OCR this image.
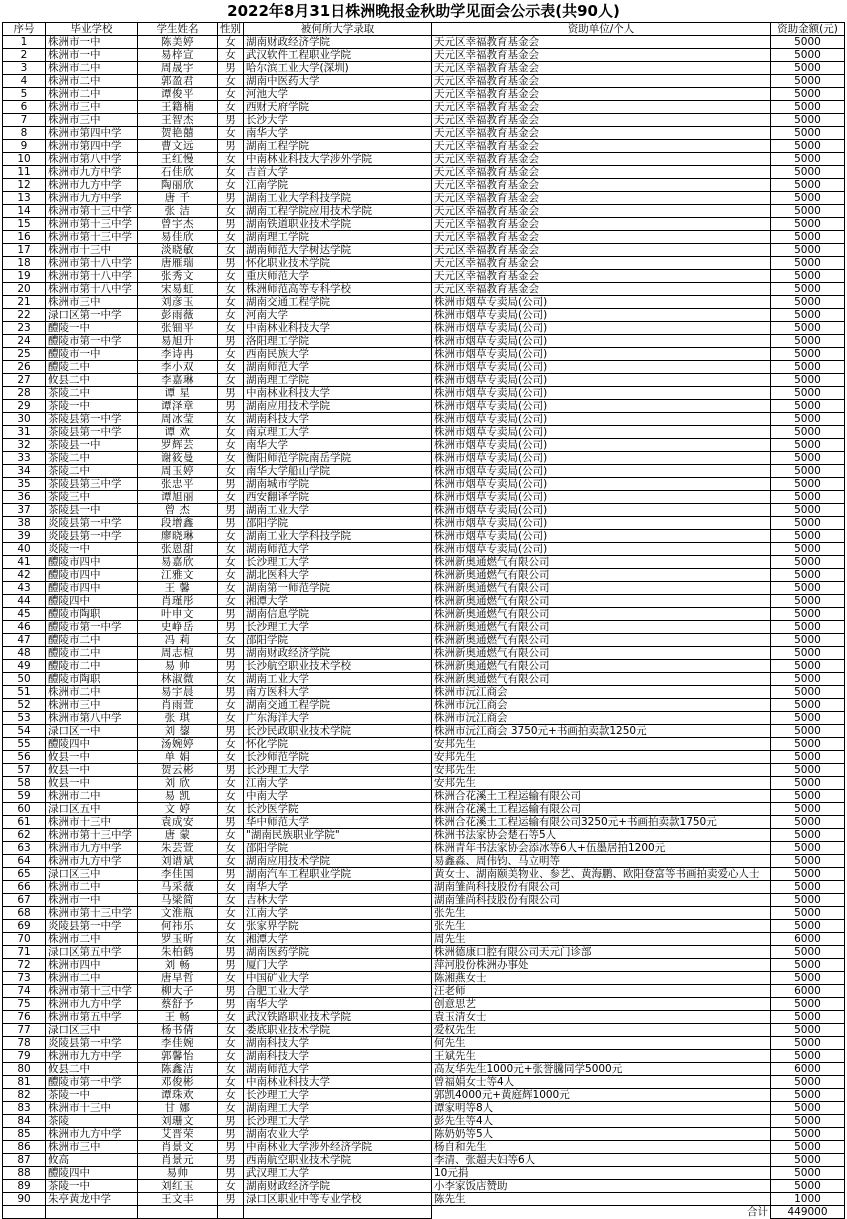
2022年8月31日株洲晚报金秋助学见面会公示表(共90人)
序号	毕业学校	学生姓名	性别	被何所大学录取	资助单位/个人	资助金额(元)
1	株洲市一中	陈美婷	女	湖南财政经济学院	天元区幸福教育基金会	5000
2	株洲市一中	易梓宣	女	武汉软件工程职业学院	天元区幸福教育基金会	5000
3	株洲市二中	周晟宇	男	哈尔滨工业大学(深圳)	天元区幸福教育基金会	5000
4	株洲市二中	郭盈君	女	湖南中医药大学	天元区幸福教育基金会	5000
5	株洲市二中	谭俊平	女	河池大学	天元区幸福教育基金会	5000
6	株洲市三中	王籍楠	女	西财天府学院	天元区幸福教育基金会	5000
7	株洲市三中	王智杰	男	长沙大学	天元区幸福教育基金会	5000
8	株洲市第四中学	贺艳囍	女	南华大学	天元区幸福教育基金会	5000
9	株洲市第四中学	曹文远	男	湖南工程学院	天元区幸福教育基金会	5000
10	株洲市第八中学	王红慢	女	中南林业科技大学涉外学院	天元区幸福教育基金会	5000
11	株洲市九方中学	石佳欣	女	吉首大学	天元区幸福教育基金会	5000
12	株洲市九方中学	陶丽欣	女	江南学院	天元区幸福教育基金会	5000
13	株洲市九方中学	唐 千	男	湖南工业大学科技学院	天元区幸福教育基金会	5000
14	株洲市第十三中学	张 洁	女	湖南工程学院应用技术学院	天元区幸福教育基金会	5000
15	株洲市第十三中学	曾宇杰	男	湖南铁道职业技术学院	天元区幸福教育基金会	5000
16	株洲市第十三中学	易佳欣	女	湖南理工学院	天元区幸福教育基金会	5000
17	株洲市十三中	淡晓敏	女	湖南师范大学树达学院	天元区幸福教育基金会	5000
18	株洲市第十八中学	唐雁瑞	男	怀化职业技术学院	天元区幸福教育基金会	5000
19	株洲市第十八中学	张秀文	女	重庆师范大学	天元区幸福教育基金会	5000
20	株洲市第十八中学	宋易虹	女	株洲师范高等专科学校	天元区幸福教育基金会	5000
21	株洲市三中	刘彦玉	女	湖南交通工程学院	株洲市烟草专卖局(公司)	5000
22	渌口区第一中学	彭雨薇	女	河南大学	株洲市烟草专卖局(公司)	5000
23	醴陵一中	张钿平	女	中南林业科技大学	株洲市烟草专卖局(公司)	5000
24	醴陵市第一中学	易旭升	男	洛阳理工学院	株洲市烟草专卖局(公司)	5000
25	醴陵市一中	李诗冉	女	西南民族大学	株洲市烟草专卖局(公司)	5000
26	醴陵二中	李小双	女	湖南师范大学	株洲市烟草专卖局(公司)	5000
27	攸县二中	李嘉琳	女	湖南理工学院	株洲市烟草专卖局(公司)	5000
28	茶陵二中	谭 星	男	中南林业科技大学	株洲市烟草专卖局(公司)	5000
29	茶陵一中	谭泽章	男	湖南应用技术学院	株洲市烟草专卖局(公司)	5000
30	茶陵县第一中学	周冰莹	女	湖南科技大学	株洲市烟草专卖局(公司)	5000
31	茶陵县第一中学	谭 欢	女	南京理工大学	株洲市烟草专卖局(公司)	5000
32	茶陵县一中	罗辉芸	女	南华大学	株洲市烟草专卖局(公司)	5000
33	茶陵二中	谢筱曼	女	衡阳师范学院南岳学院	株洲市烟草专卖局(公司)	5000
34	茶陵二中	周玉婷	女	南华大学船山学院	株洲市烟草专卖局(公司)	5000
35	茶陵县第三中学	张忠平	男	湖南城市学院	株洲市烟草专卖局(公司)	5000
36	茶陵三中	谭旭丽	女	西安翻译学院	株洲市烟草专卖局(公司)	5000
37	茶陵县一中	曾 杰	男	湖南工业大学	株洲市烟草专卖局(公司)	5000
38	炎陵县第一中学	段增鑫	男	邵阳学院	株洲市烟草专卖局(公司)	5000
39	炎陵县第一中学	廖晓琳	女	湖南工业大学科技学院	株洲市烟草专卖局(公司)	5000
40	炎陵一中	张恩甜	女	湖南师范大学	株洲市烟草专卖局(公司)	5000
41	醴陵市四中	易嘉欣	女	长沙理工大学	株洲新奥通燃气有限公司	5000
42	醴陵市四中	江雅文	女	湖北医科大学	株洲新奥通燃气有限公司	5000
43	醴陵市四中	王 馨	女	湖南第一师范学院	株洲新奥通燃气有限公司	5000
44	醴陵四中	肖瑾彤	女	湘潭大学	株洲新奥通燃气有限公司	5000
45	醴陵市陶职	叶申文	男	湖南信息学院	株洲新奥通燃气有限公司	5000
46	醴陵市第一中学	史峥岳	男	长沙理工大学	株洲新奥通燃气有限公司	5000
47	醴陵市二中	冯 莉	女	邵阳学院	株洲新奥通燃气有限公司	5000
48	醴陵市二中	周志楦	男	湖南财政经济学院	株洲新奥通燃气有限公司	5000
49	醴陵市二中	易 帅	男	长沙航空职业技术学校	株洲新奥通燃气有限公司	5000
50	醴陵市陶职	林淑微	女	湖南工业大学	株洲新奥通燃气有限公司	5000
51	株洲市二中	易宇晨	男	南方医科大学	株洲市沅江商会	5000
52	株洲市三中	肖雨萱	女	湖南交通工程学院	株洲市沅江商会	5000
53	株洲市第八中学	张 琪	女	广东海洋大学	株洲市沅江商会	5000
54	渌口区一中	刘 鋆	男	长沙民政职业技术学院	株洲市沅江商会 3750元+书画拍卖款1250元	5000
55	醴陵四中	汤婉婷	女	怀化学院	安邦先生	5000
56	攸县一中	单 娟	女	长沙师范学院	安邦先生	5000
57	攸县一中	贺云彬	男	长沙理工大学	安邦先生	5000
58	攸县一中	刘 欣	女	江南大学	安邦先生	5000
59	株洲市二中	易 凯	女	中南大学	株洲合花溪土工程运输有限公司	5000
60	渌口区五中	文 婷	女	长沙医学院	株洲合花溪土工程运输有限公司	5000
61	株洲市十三中	袁成安	男	华中师范大学	株洲合花溪土工程运输有限公司3250元+书画拍卖款1750元	5000
62	株洲市第十三中学	唐 蒙	女	"湖南民族职业学院"	株洲书法家协会楚石等5人	5000
63	株洲市九方中学	朱芸萱	女	邵阳学院	株洲青年书法家协会添冰等6人+伍墨居拍1200元	5000
64	株洲市九方中学	刘谱斌	女	湖南应用技术学院	易鑫淼、周伟钧、马立明等	5000
65	渌口区三中	李佳国	男	湖南汽车工程职业学院	黄女士、湖南颐美物业、参艺、黄海鹏、欧阳登富等书画拍卖爱心人士	5000
66	株洲市二中	马采薇	女	南华大学	湖南雏尚科技股份有限公司	5000
67	株洲市一中	马梁简	女	吉林大学	湖南雏尚科技股份有限公司	5000
68	株洲市第十三中学	文淮瓶	女	江南大学	张先生	5000
69	炎陵县第一中学	何祎乐	女	张家界学院	张先生	5000
70	株洲市二中	罗玉昕	女	湘潭大学	周先生	6000
71	渌口区第五中学	朱柏鹤	男	湖南医药学院	株洲德康口腔有限公司天元门诊部	5000
72	株洲市四中	刘 畅	男	厦门大学	萍河股份株洲办事处	5000
73	株洲市二中	唐早哲	女	中国矿业大学	陈湘燕女士	5000
74	株洲市第十三中学	柳大子	男	合肥工业大学	汪老师	6000
75	株洲市九方中学	蔡舒予	男	南华大学	创意思艺	5000
76	株洲市第五中学	王 畅	女	武汉铁路职业技术学院	袁玉清女士	5000
77	渌口区三中	杨书倩	女	娄底职业技术学院	爱权先生	5000
78	炎陵县第一中学	李佳婉	女	湖南科技大学	何先生	5000
79	株洲市九方中学	郭馨怡	女	湖南科技大学	王斌先生	5000
80	攸县二中	陈鑫洁	女	湖南师范大学	高友华先生1000元+张誉騰同学5000元	6000
81	醴陵市第一中学	邓俊彬	女	中南林业科技大学	曾福娟女士等4人	5000
82	茶陵一中	谭珠欢	女	长沙理工大学	郭凯4000元+黄庭辉1000元	5000
83	株洲市十三中	甘 娜	女	湖南理工大学	谭家明等8人	5000
84	茶陵	刘珊文	男	长沙理工大学	彭先生等4人	5000
85	株洲市九方中学	艾晋荣	男	湖南农业大学	陈奶奶等5人	5000
86	株洲市三中	肖景文	男	中南林业大学涉外经济学院	杨自和先生	5000
87	攸高	肖景元	男	西南航空职业技术学院	李清、张超夫妇等6人	5000
88	醴陵四中	易帅	男	武汉理工大学	10元捐	5000
89	茶陵一中	刘红玉	女	湖南财政经济学院	小李家饭店赞助	5000
90	朱亭黄龙中学	王文丰	男	渌口区职业中等专业学校	陈先生	1000
					合计	449000
